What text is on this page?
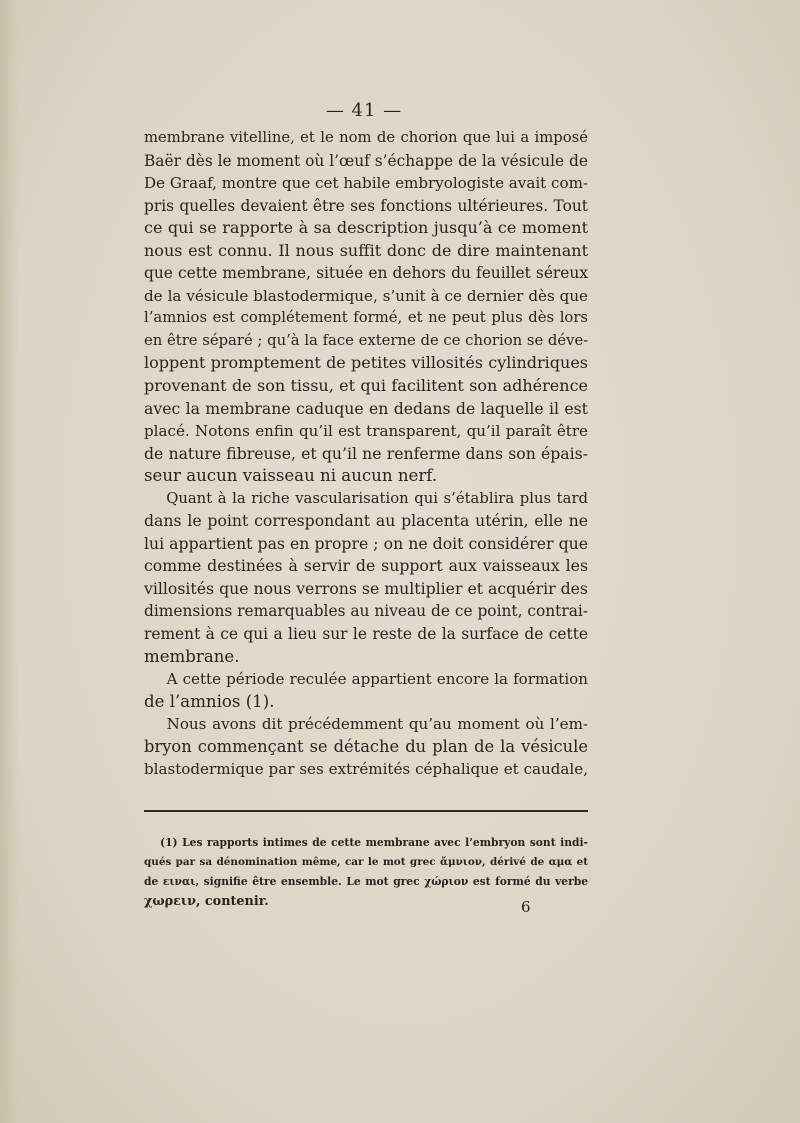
— 41 —
membrane vitelline, et le nom de chorion que lui a imposé
Baër dès le moment où l’œuf s’échappe de la vésicule de
De Graaf, montre que cet habile embryologiste avait com-
pris quelles devaient être ses fonctions ultérieures. Tout
ce qui se rapporte à sa description jusqu’à ce moment
nous est connu. Il nous suffit donc de dire maintenant
que cette membrane, située en dehors du feuillet séreux
de la vésicule blastodermique, s’unit à ce dernier dès que
l’amnios est complétement formé, et ne peut plus dès lors
en être séparé ; qu’à la face externe de ce chorion se déve-
loppent promptement de petites villosités cylindriques
provenant de son tissu, et qui facilitent son adhérence
avec la membrane caduque en dedans de laquelle il est
placé. Notons enfin qu’il est transparent, qu’il paraît être
de nature fibreuse, et qu’il ne renferme dans son épais-
seur aucun vaisseau ni aucun nerf.
  Quant à la riche vascularisation qui s’établira plus tard
dans le point correspondant au placenta utérin, elle ne
lui appartient pas en propre ; on ne doit considérer que
comme destinées à servir de support aux vaisseaux les
villosités que nous verrons se multiplier et acquérir des
dimensions remarquables au niveau de ce point, contrai-
rement à ce qui a lieu sur le reste de la surface de cette
membrane.
  A cette période reculée appartient encore la formation
de l’amnios (1).
  Nous avons dit précédemment qu’au moment où l’em-
bryon commençant se détache du plan de la vésicule
blastodermique par ses extrémités céphalique et caudale,
  (1) Les rapports intimes de cette membrane avec l’embryon sont indi-
qués par sa dénomination même, car le mot grec ἄμνιον, dérivé de αμα et
de ειναι, signifie être ensemble. Le mot grec χώριον est formé du verbe
χωρειν, contenir.	6
